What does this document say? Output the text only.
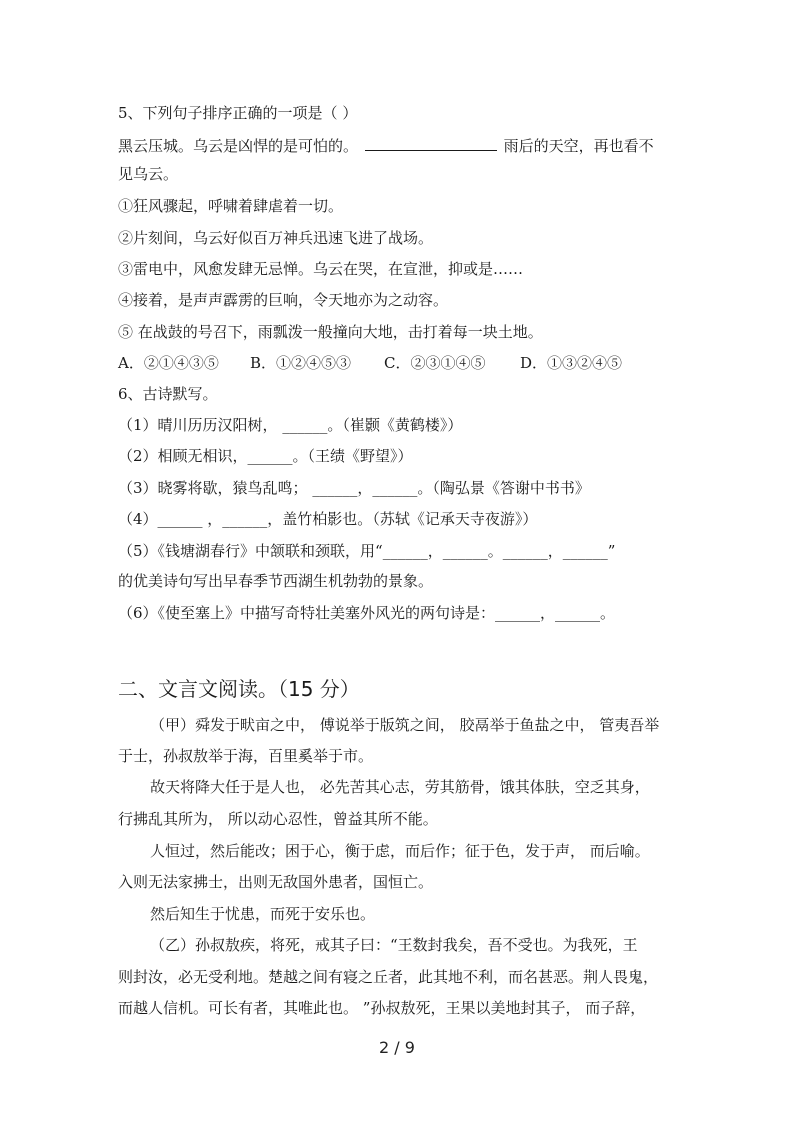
5、下列句子排序正确的一项是（ ）
黑云压城。乌云是凶悍的是可怕的。	雨后的天空，再也看不
见乌云。
①狂风骤起，呼啸着肆虐着一切。
②片刻间，乌云好似百万神兵迅速飞进了战场。
③雷电中，风愈发肆无忌惮。乌云在哭，在宣泄，抑或是……
④接着，是声声霹雳的巨响，令天地亦为之动容。
⑤ 在战鼓的号召下，雨瓢泼一般撞向大地，击打着每一块土地。
A．②①④③⑤ B．①②④⑤③ C．②③①④⑤ D．①③②④⑤
6、古诗默写。
（1）晴川历历汉阳树， ______。（崔颢《黄鹤楼》）
（2）相顾无相识，______。（王绩《野望》）
（3）晓雾将歇，猿鸟乱鸣； ______，______。（陶弘景《答谢中书书》
（4）______ ，______，盖竹柏影也。（苏轼《记承天寺夜游》）
（5）《钱塘湖春行》中颔联和颈联，用“______，______。______，______”
的优美诗句写出早春季节西湖生机勃勃的景象。
（6）《使至塞上》中描写奇特壮美塞外风光的两句诗是：______，______。
二、文言文阅读。（15 分）
（甲）舜发于畎亩之中， 傅说举于版筑之间， 胶鬲举于鱼盐之中， 管夷吾举
于士，孙叔敖举于海，百里奚举于市。
故天将降大任于是人也， 必先苦其心志，劳其筋骨，饿其体肤，空乏其身，
行拂乱其所为， 所以动心忍性，曾益其所不能。
人恒过，然后能改；困于心，衡于虑，而后作；征于色，发于声， 而后喻。
入则无法家拂士，出则无敌国外患者，国恒亡。
然后知生于忧患，而死于安乐也。
（乙）孙叔敖疾，将死，戒其子曰：“王数封我矣，吾不受也。为我死，王
则封汝，必无受利地。楚越之间有寝之丘者，此其地不利，而名甚恶。荆人畏鬼，
而越人信机。可长有者，其唯此也。 ”孙叔敖死，王果以美地封其子， 而子辞，
2 / 9
